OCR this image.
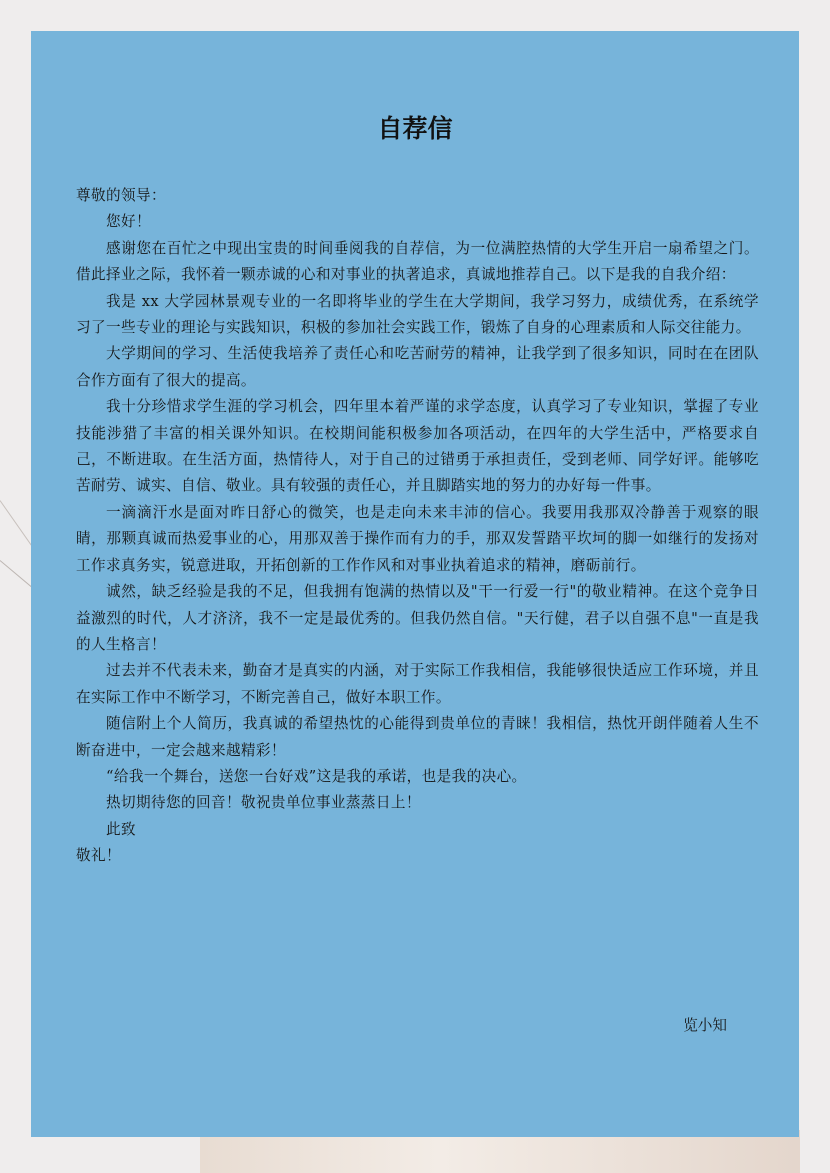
自荐信

尊敬的领导：

您好！

感谢您在百忙之中现出宝贵的时间垂阅我的自荐信，为一位满腔热情的大学生开启一扇希望之门。借此择业之际，我怀着一颗赤诚的心和对事业的执著追求，真诚地推荐自己。以下是我的自我介绍：

我是 xx 大学园林景观专业的一名即将毕业的学生在大学期间，我学习努力，成绩优秀，在系统学习了一些专业的理论与实践知识，积极的参加社会实践工作，锻炼了自身的心理素质和人际交往能力。

大学期间的学习、生活使我培养了责任心和吃苦耐劳的精神，让我学到了很多知识，同时在在团队合作方面有了很大的提高。

我十分珍惜求学生涯的学习机会，四年里本着严谨的求学态度，认真学习了专业知识，掌握了专业技能涉猎了丰富的相关课外知识。在校期间能积极参加各项活动，在四年的大学生活中，严格要求自己，不断进取。在生活方面，热情待人，对于自己的过错勇于承担责任，受到老师、同学好评。能够吃苦耐劳、诚实、自信、敬业。具有较强的责任心，并且脚踏实地的努力的办好每一件事。

一滴滴汗水是面对昨日舒心的微笑，也是走向未来丰沛的信心。我要用我那双冷静善于观察的眼睛，那颗真诚而热爱事业的心，用那双善于操作而有力的手，那双发誓踏平坎坷的脚一如继行的发扬对工作求真务实，锐意进取，开拓创新的工作作风和对事业执着追求的精神，磨砺前行。

诚然，缺乏经验是我的不足，但我拥有饱满的热情以及"干一行爱一行"的敬业精神。在这个竞争日益激烈的时代，人才济济，我不一定是最优秀的。但我仍然自信。"天行健，君子以自强不息"一直是我的人生格言！

过去并不代表未来，勤奋才是真实的内涵，对于实际工作我相信，我能够很快适应工作环境，并且在实际工作中不断学习，不断完善自己，做好本职工作。

随信附上个人简历，我真诚的希望热忱的心能得到贵单位的青睐！我相信，热忱开朗伴随着人生不断奋进中，一定会越来越精彩！

“给我一个舞台，送您一台好戏”这是我的承诺，也是我的决心。

热切期待您的回音！敬祝贵单位事业蒸蒸日上！

此致

敬礼！

览小知
